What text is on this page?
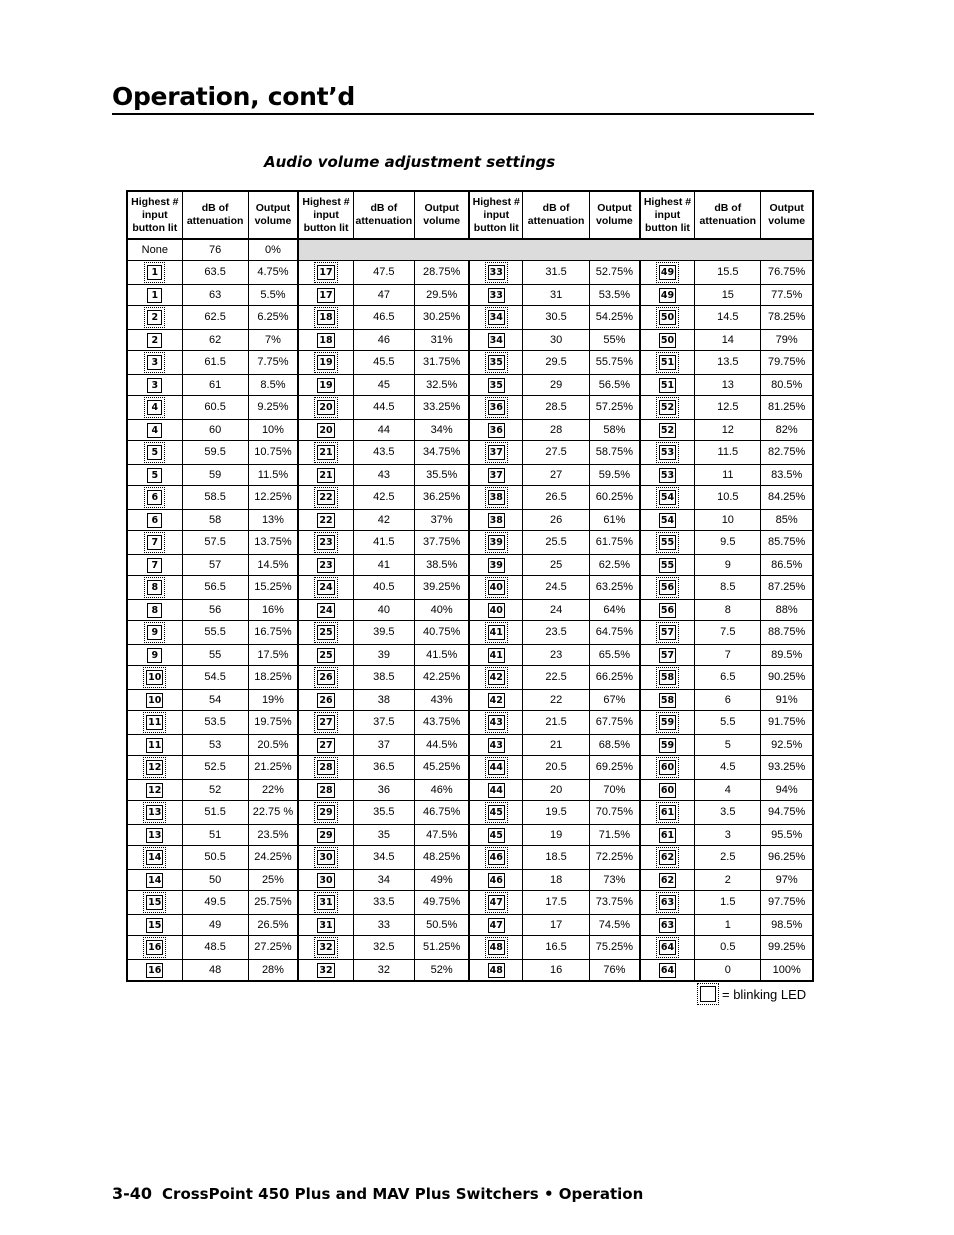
Operation, cont’d
Audio volume adjustment settings
Highest # input button lit	dB of attenuation	Output volume	Highest # input button lit	dB of attenuation	Output volume	Highest # input button lit	dB of attenuation	Output volume	Highest # input button lit	dB of attenuation	Output volume
None	76	0%									
1	63.5	4.75%	17	47.5	28.75%	33	31.5	52.75%	49	15.5	76.75%
1	63	5.5%	17	47	29.5%	33	31	53.5%	49	15	77.5%
2	62.5	6.25%	18	46.5	30.25%	34	30.5	54.25%	50	14.5	78.25%
2	62	7%	18	46	31%	34	30	55%	50	14	79%
3	61.5	7.75%	19	45.5	31.75%	35	29.5	55.75%	51	13.5	79.75%
3	61	8.5%	19	45	32.5%	35	29	56.5%	51	13	80.5%
4	60.5	9.25%	20	44.5	33.25%	36	28.5	57.25%	52	12.5	81.25%
4	60	10%	20	44	34%	36	28	58%	52	12	82%
5	59.5	10.75%	21	43.5	34.75%	37	27.5	58.75%	53	11.5	82.75%
5	59	11.5%	21	43	35.5%	37	27	59.5%	53	11	83.5%
6	58.5	12.25%	22	42.5	36.25%	38	26.5	60.25%	54	10.5	84.25%
6	58	13%	22	42	37%	38	26	61%	54	10	85%
7	57.5	13.75%	23	41.5	37.75%	39	25.5	61.75%	55	9.5	85.75%
7	57	14.5%	23	41	38.5%	39	25	62.5%	55	9	86.5%
8	56.5	15.25%	24	40.5	39.25%	40	24.5	63.25%	56	8.5	87.25%
8	56	16%	24	40	40%	40	24	64%	56	8	88%
9	55.5	16.75%	25	39.5	40.75%	41	23.5	64.75%	57	7.5	88.75%
9	55	17.5%	25	39	41.5%	41	23	65.5%	57	7	89.5%
10	54.5	18.25%	26	38.5	42.25%	42	22.5	66.25%	58	6.5	90.25%
10	54	19%	26	38	43%	42	22	67%	58	6	91%
11	53.5	19.75%	27	37.5	43.75%	43	21.5	67.75%	59	5.5	91.75%
11	53	20.5%	27	37	44.5%	43	21	68.5%	59	5	92.5%
12	52.5	21.25%	28	36.5	45.25%	44	20.5	69.25%	60	4.5	93.25%
12	52	22%	28	36	46%	44	20	70%	60	4	94%
13	51.5	22.75 %	29	35.5	46.75%	45	19.5	70.75%	61	3.5	94.75%
13	51	23.5%	29	35	47.5%	45	19	71.5%	61	3	95.5%
14	50.5	24.25%	30	34.5	48.25%	46	18.5	72.25%	62	2.5	96.25%
14	50	25%	30	34	49%	46	18	73%	62	2	97%
15	49.5	25.75%	31	33.5	49.75%	47	17.5	73.75%	63	1.5	97.75%
15	49	26.5%	31	33	50.5%	47	17	74.5%	63	1	98.5%
16	48.5	27.25%	32	32.5	51.25%	48	16.5	75.25%	64	0.5	99.25%
16	48	28%	32	32	52%	48	16	76%	64	0	100%
= blinking LED
3-40 CrossPoint 450 Plus and MAV Plus Switchers • Operation
